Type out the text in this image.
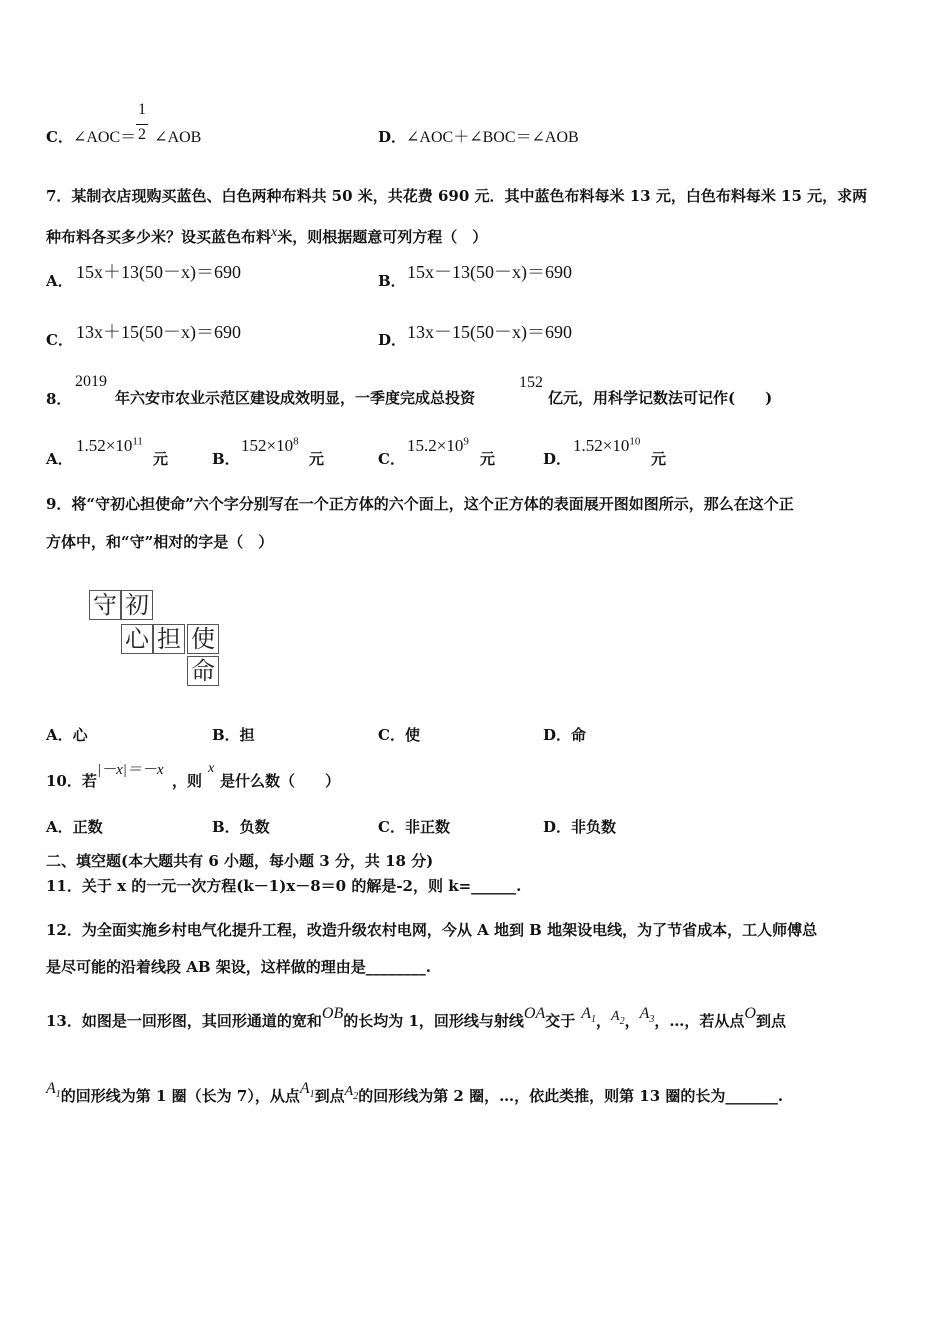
C．∠AOC＝ ∠AOB
1
2	D．∠AOC＋∠BOC＝∠AOB
7．某制衣店现购买蓝色、白色两种布料共 50 米，共花费 690 元．其中蓝色布料每米 13 元，白色布料每米 15 元，求两
种布料各买多少米？设买蓝色布料x米，则根据题意可列方程（　）
A． 15x＋13(50－x)＝690	B． 15x－13(50－x)＝690
C． 13x＋15(50－x)＝690	D． 13x－15(50－x)＝690
8．
2019
年六安市农业示范区建设成效明显，一季度完成总投资
152
亿元，用科学记数法可记作(　　)
A．
$1.52\times 10^{11}$
元	B．
$152\times 10^8$
元	C．
$15.2\times 10^9$
元	D．
$1.52\times 10^{10}$
元
9．将“守初心担使命”六个字分别写在一个正方体的六个面上，这个正方体的表面展开图如图所示，那么在这个正
方体中，和“守”相对的字是（　）
守 初
心 担 使
命
A．心	B．担	C．使	D．命
10．若
|－x|＝－x
，则
x
是什么数（　　）
A．正数	B．负数	C．非正数	D．非负数
二、填空题(本大题共有 6 小题，每小题 3 分，共 18 分)
11．关于 x 的一元一次方程(k－1)x－8＝0 的解是-2，则 k=______.
12．为全面实施乡村电气化提升工程，改造升级农村电网，今从 A 地到 B 地架设电线，为了节省成本，工人师傅总
是尽可能的沿着线段 AB 架设，这样做的理由是________.
13．如图是一回形图，其回形通道的宽和OB的长均为 1，回形线与射线OA交于 $A_1$，$A_2$，$A_3$，…，若从点O到点
$A_1$的回形线为第 1 圈（长为 7），从点$A_1$到点$A_2$的回形线为第 2 圈，…，依此类推，则第 13 圈的长为_______.
